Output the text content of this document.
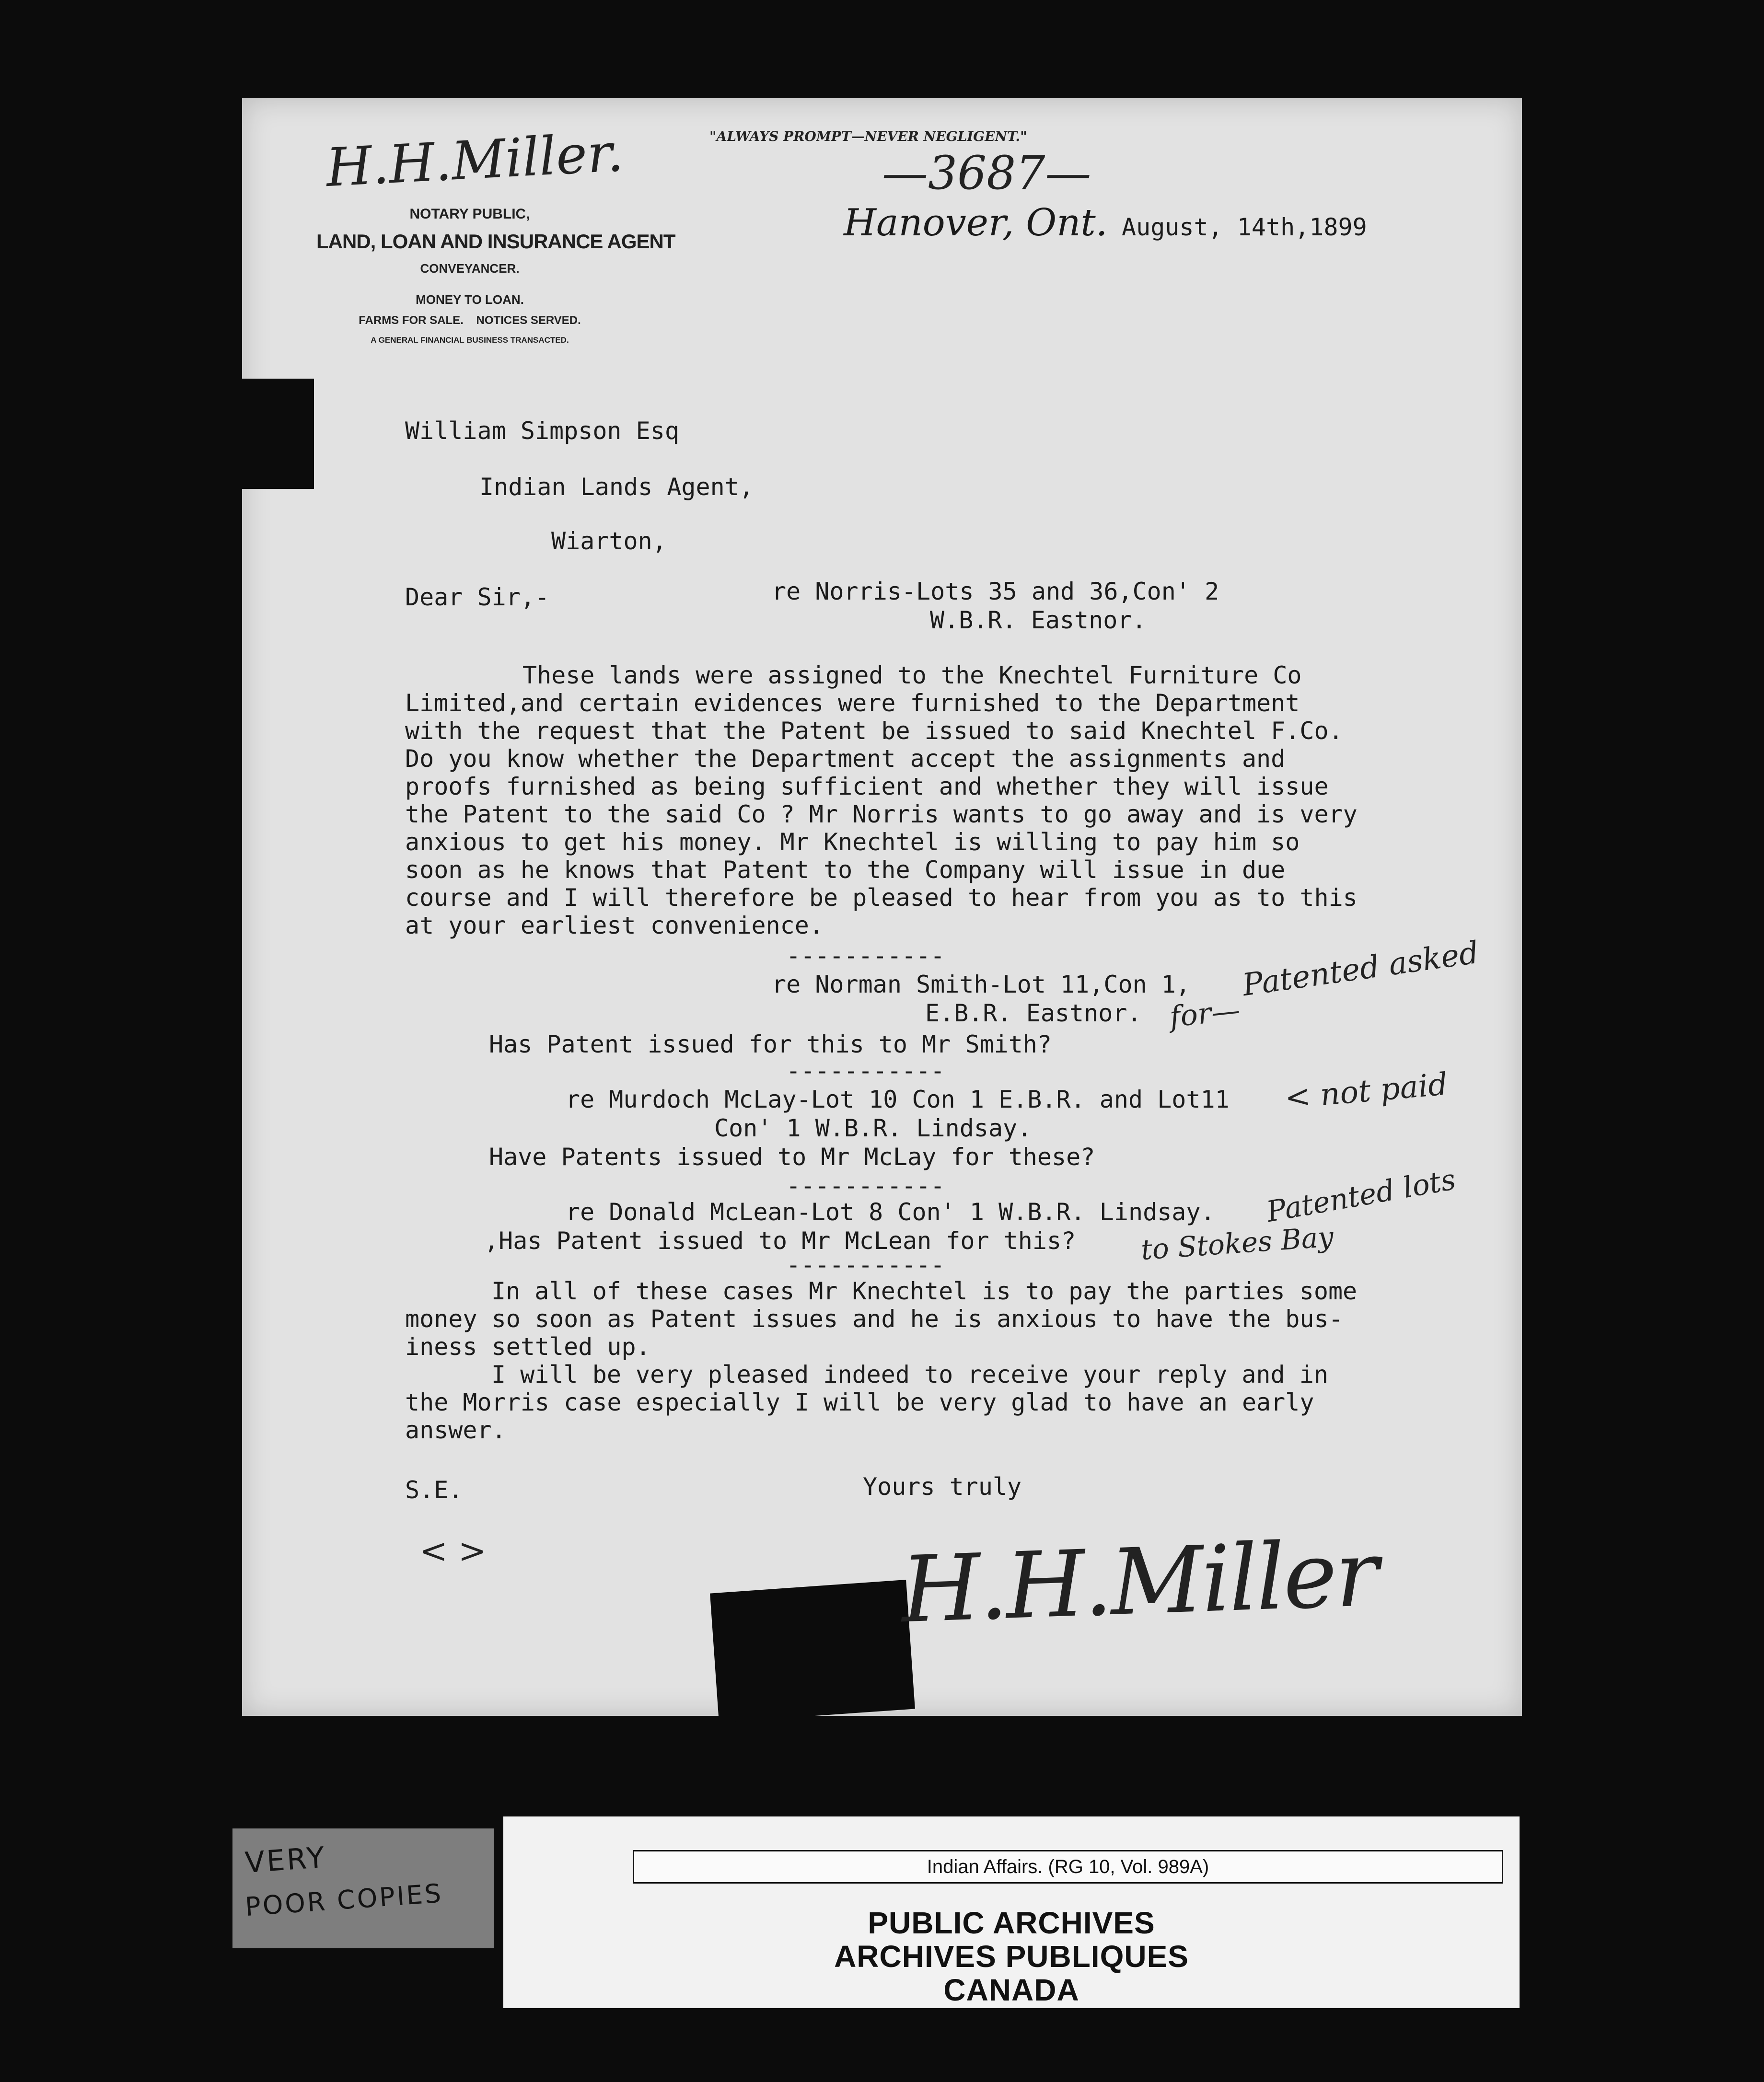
H.H.Miller.
NOTARY PUBLIC,
LAND, LOAN AND INSURANCE AGENT
CONVEYANCER.
MONEY TO LOAN.
FARMS FOR SALE.    NOTICES SERVED.
A GENERAL FINANCIAL BUSINESS TRANSACTED.
"ALWAYS PROMPT—NEVER NEGLIGENT."
—3687—
Hanover, Ont. August, 14th,1899
William Simpson Esq
Indian Lands Agent,
Wiarton,
Dear Sir,-	re Norris-Lots 35 and 36,Con' 2
W.B.R. Eastnor.
These lands were assigned to the Knechtel Furniture Co
Limited,and certain evidences were furnished to the Department
with the request that the Patent be issued to said Knechtel F.Co.
Do you know whether the Department accept the assignments and
proofs furnished as being sufficient and whether they will issue
the Patent to the said Co ? Mr Norris wants to go away and is very
anxious to get his money. Mr Knechtel is willing to pay him so
soon as he knows that Patent to the Company will issue in due
course and I will therefore be pleased to hear from you as to this
at your earliest convenience.
-----------
re Norman Smith-Lot 11,Con 1,
E.B.R. Eastnor.
Has Patent issued for this to Mr Smith?
Patented asked
for—
-----------
re Murdoch McLay-Lot 10 Con 1 E.B.R. and Lot11
Con' 1 W.B.R. Lindsay.
Have Patents issued to Mr McLay for these?
< not paid
-----------
re Donald McLean-Lot 8 Con' 1 W.B.R. Lindsay.
,Has Patent issued to Mr McLean for this?
Patented lots
to Stokes Bay
-----------
In all of these cases Mr Knechtel is to pay the parties some
money so soon as Patent issues and he is anxious to have the bus-
iness settled up.
I will be very pleased indeed to receive your reply and in
the Morris case especially I will be very glad to have an early
answer.
S.E.	Yours truly
< >	H.H.Miller
VERY
POOR COPIES
Indian Affairs. (RG 10, Vol. 989A)
PUBLIC ARCHIVES
ARCHIVES PUBLIQUES
CANADA
